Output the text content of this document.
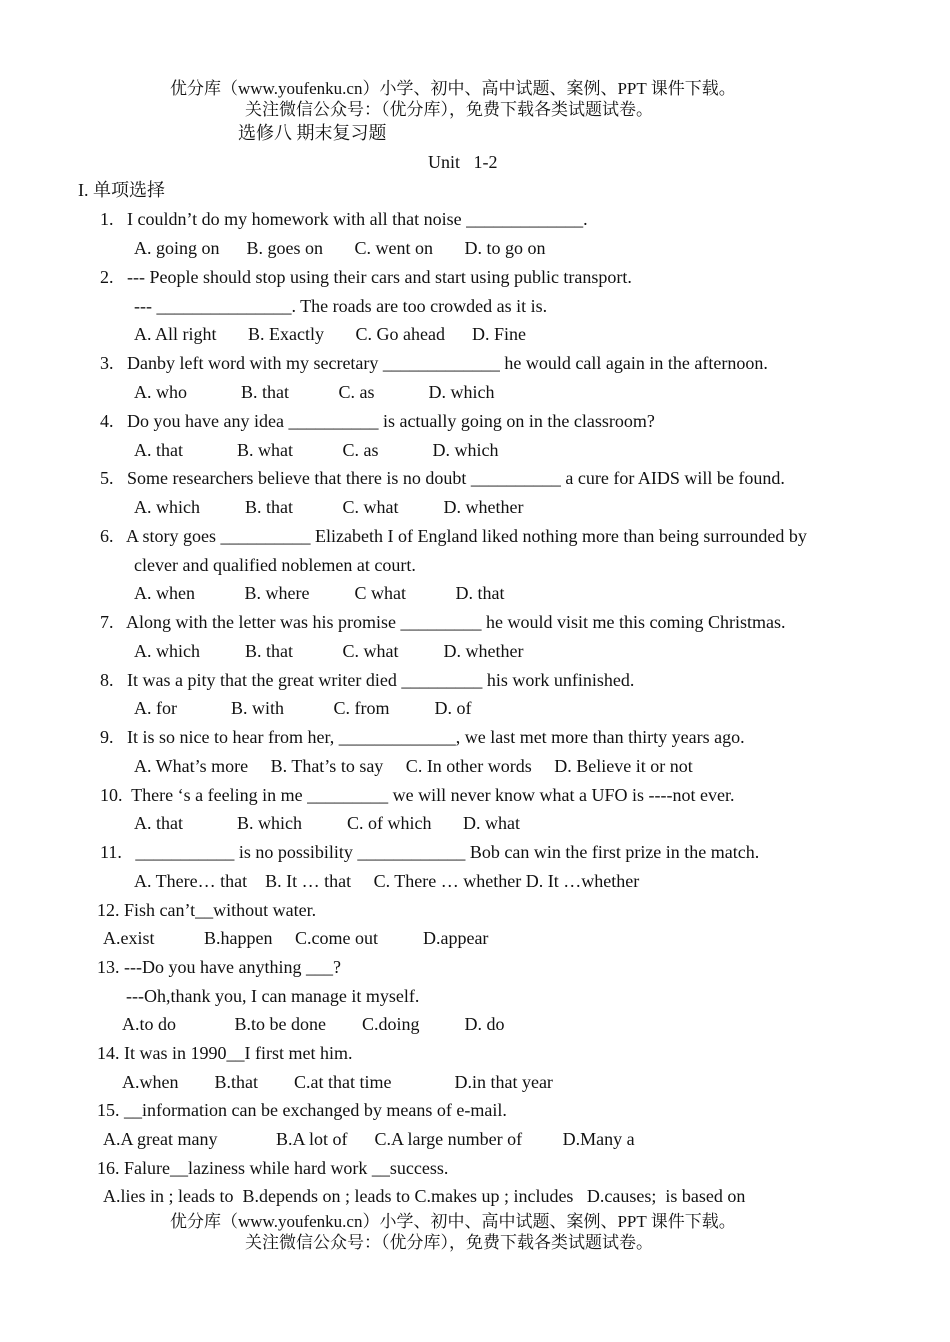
优分库（www.youfenku.cn）小学、初中、高中试题、案例、PPT 课件下载。
关注微信公众号：（优分库），免费下载各类试题试卷。
选修八 期末复习题
Unit   1-2
I. 单项选择
1.   I couldn’t do my homework with all that noise _____________.
A. going on      B. goes on       C. went on       D. to go on
2.   --- People should stop using their cars and start using public transport.
--- _______________. The roads are too crowded as it is.
A. All right       B. Exactly       C. Go ahead      D. Fine
3.   Danby left word with my secretary _____________ he would call again in the afternoon.
A. who            B. that           C. as            D. which
4.   Do you have any idea __________ is actually going on in the classroom?
A. that            B. what           C. as            D. which
5.   Some researchers believe that there is no doubt __________ a cure for AIDS will be found.
A. which          B. that           C. what          D. whether
6.   A story goes __________ Elizabeth I of England liked nothing more than being surrounded by
clever and qualified noblemen at court.
A. when           B. where          C what           D. that
7.   Along with the letter was his promise _________ he would visit me this coming Christmas.
A. which          B. that           C. what          D. whether
8.   It was a pity that the great writer died _________ his work unfinished.
A. for            B. with           C. from          D. of
9.   It is so nice to hear from her, _____________, we last met more than thirty years ago.
A. What’s more     B. That’s to say     C. In other words     D. Believe it or not
10.  There ‘s a feeling in me _________ we will never know what a UFO is ----not ever.
A. that            B. which          C. of which       D. what
11.   ___________ is no possibility ____________ Bob can win the first prize in the match.
A. There… that    B. It … that     C. There … whether D. It …whether
12. Fish can’t__without water.
A.exist           B.happen     C.come out          D.appear
13. ---Do you have anything ___?
---Oh,thank you, I can manage it myself.
A.to do             B.to be done        C.doing          D. do
14. It was in 1990__I first met him.
A.when        B.that        C.at that time              D.in that year
15. __information can be exchanged by means of e-mail.
A.A great many             B.A lot of      C.A large number of         D.Many a
16. Falure__laziness while hard work __success.
A.lies in ; leads to  B.depends on ; leads to C.makes up ; includes   D.causes;  is based on
优分库（www.youfenku.cn）小学、初中、高中试题、案例、PPT 课件下载。
关注微信公众号：（优分库），免费下载各类试题试卷。
